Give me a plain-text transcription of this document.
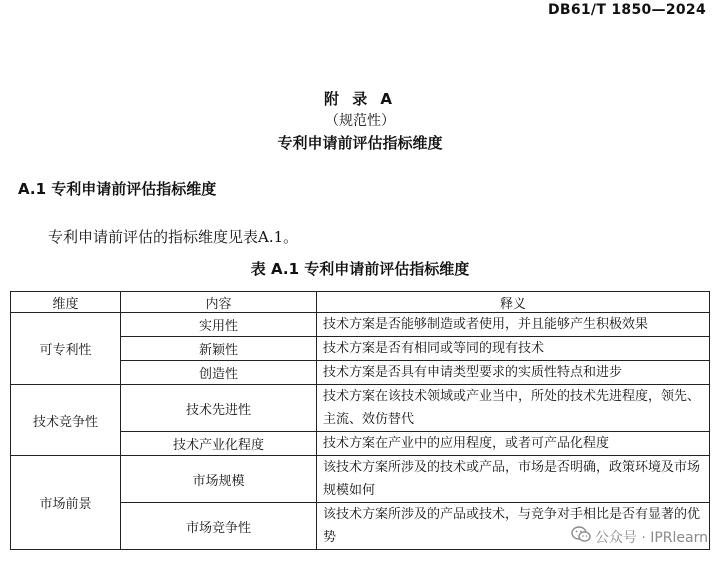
DB61/T 1850—2024
附 录 A
（规范性）
专利申请前评估指标维度
A.1 专利申请前评估指标维度
专利申请前评估的指标维度见表A.1。
表 A.1 专利申请前评估指标维度
维度	内容	释义
可专利性	实用性	技术方案是否能够制造或者使用，并且能够产生积极效果
	新颖性	技术方案是否有相同或等同的现有技术
	创造性	技术方案是否具有申请类型要求的实质性特点和进步
技术竞争性	技术先进性	技术方案在该技术领域或产业当中，所处的技术先进程度，领先、主流、效仿替代
	技术产业化程度	技术方案在产业中的应用程度，或者可产品化程度
市场前景	市场规模	该技术方案所涉及的技术或产品，市场是否明确，政策环境及市场规模如何
	市场竞争性	该技术方案所涉及的产品或技术，与竞争对手相比是否有显著的优势	公众号 · IPRlearn
